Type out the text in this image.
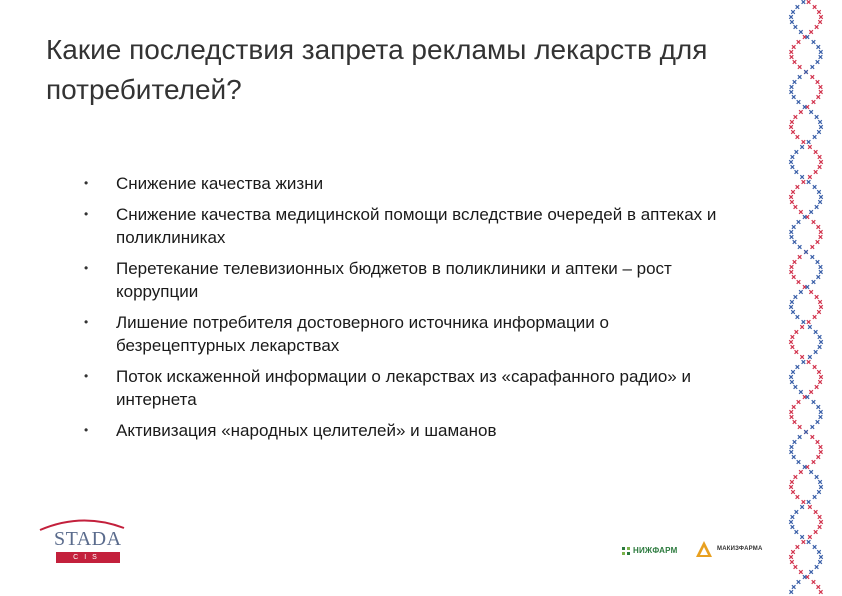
Какие последствия запрета рекламы лекарств для потребителей?
• Снижение качества жизни
• Снижение качества медицинской помощи вследствие очередей в аптеках и поликлиниках
• Перетекание телевизионных бюджетов в поликлиники и аптеки – рост коррупции
• Лишение потребителя достоверного источника информации о безрецептурных лекарствах
• Поток искаженной информации о лекарствах из «сарафанного радио» и интернета
• Активизация «народных целителей» и шаманов
STADA
CIS
НИЖФАРМ	МАКИЗФАРМА
